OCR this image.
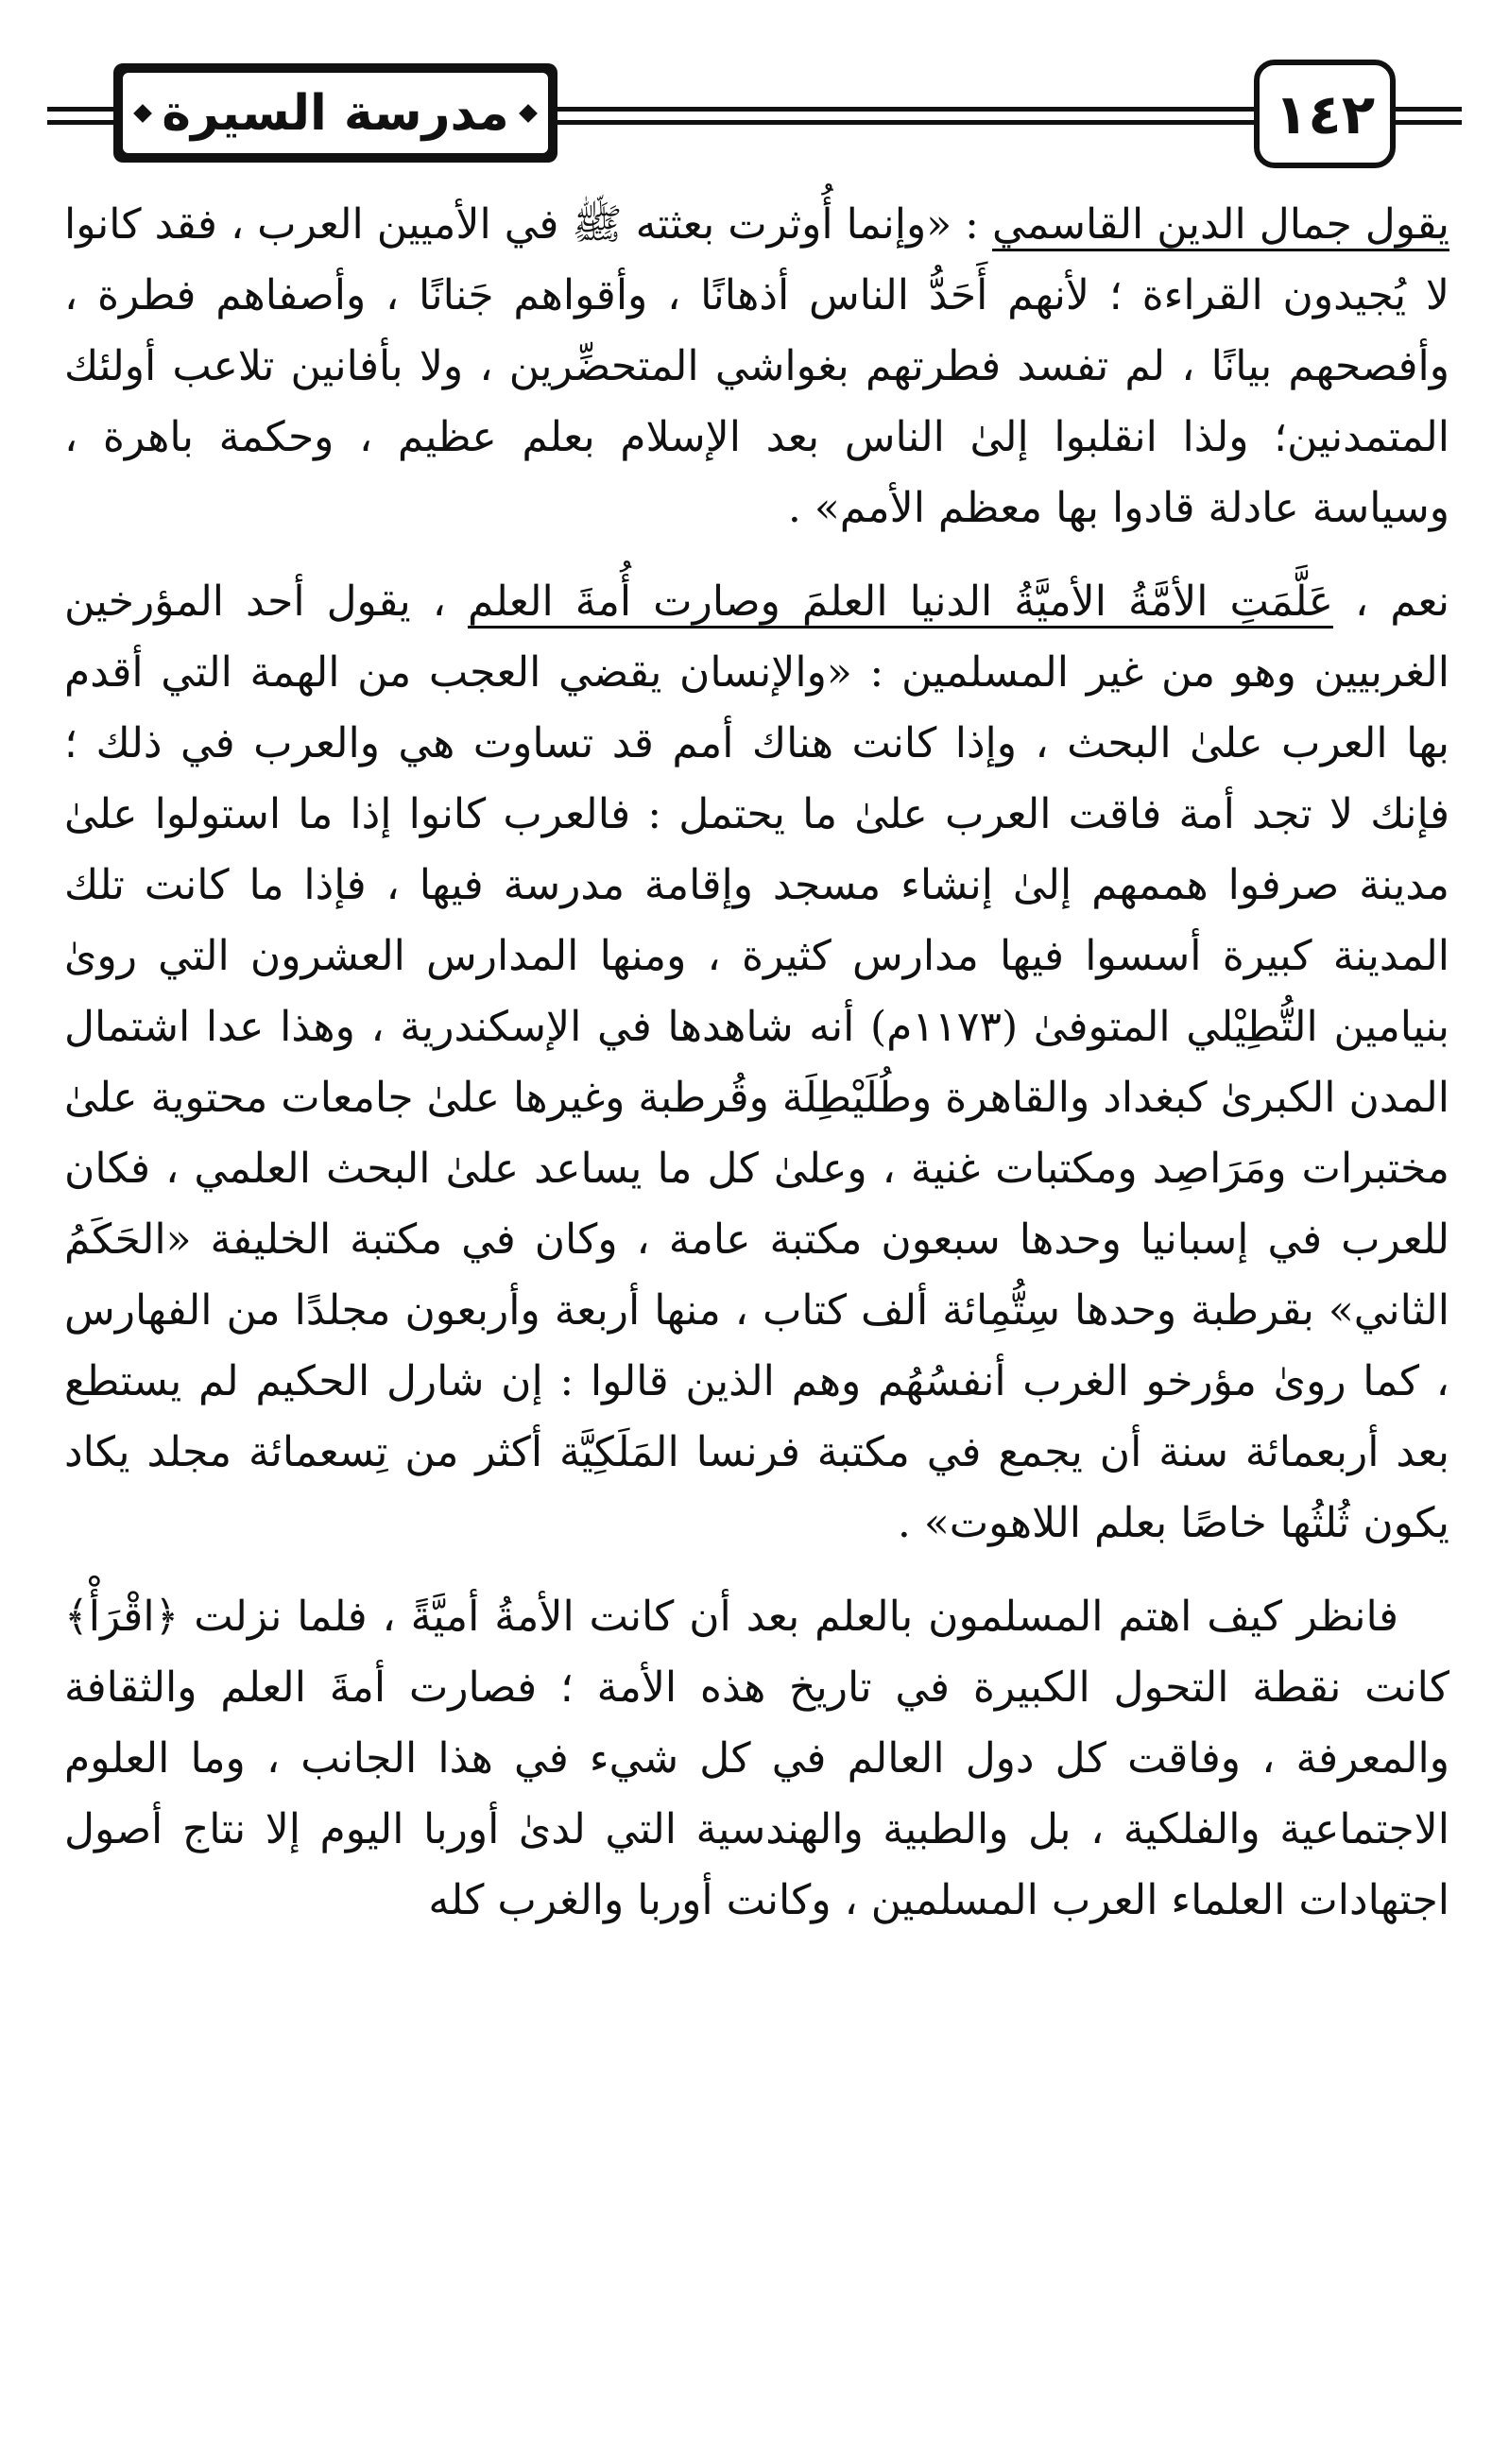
١٤٢
مدرسة السيرة

يقول جمال الدين القاسمي : «وإنما أُوثرت بعثته ﷺ في الأميين العرب ، فقد كانوا لا يُجيدون القراءة ؛ لأنهم أَحَدُّ الناس أذهانًا ، وأقواهم جَنانًا ، وأصفاهم فطرة ، وأفصحهم بيانًا ، لم تفسد فطرتهم بغواشي المتحضِّرين ، ولا بأفانين تلاعب أولئك المتمدنين؛ ولذا انقلبوا إلىٰ الناس بعد الإسلام بعلم عظيم ، وحكمة باهرة ، وسياسة عادلة قادوا بها معظم الأمم» .

نعم ، عَلَّمَتِ الأمَّةُ الأميَّةُ الدنيا العلمَ وصارت أُمةَ العلم ، يقول أحد المؤرخين الغربيين وهو من غير المسلمين : «والإنسان يقضي العجب من الهمة التي أقدم بها العرب علىٰ البحث ، وإذا كانت هناك أمم قد تساوت هي والعرب في ذلك ؛ فإنك لا تجد أمة فاقت العرب علىٰ ما يحتمل : فالعرب كانوا إذا ما استولوا علىٰ مدينة صرفوا هممهم إلىٰ إنشاء مسجد وإقامة مدرسة فيها ، فإذا ما كانت تلك المدينة كبيرة أسسوا فيها مدارس كثيرة ، ومنها المدارس العشرون التي روىٰ بنيامين التُّطِيْلي المتوفىٰ (١١٧٣م) أنه شاهدها في الإسكندرية ، وهذا عدا اشتمال المدن الكبرىٰ كبغداد والقاهرة وطُلَيْطِلَة وقُرطبة وغيرها علىٰ جامعات محتوية علىٰ مختبرات ومَرَاصِد ومكتبات غنية ، وعلىٰ كل ما يساعد علىٰ البحث العلمي ، فكان للعرب في إسبانيا وحدها سبعون مكتبة عامة ، وكان في مكتبة الخليفة «الحَكَمُ الثاني» بقرطبة وحدها سِتُّمِائة ألف كتاب ، منها أربعة وأربعون مجلدًا من الفهارس ، كما روىٰ مؤرخو الغرب أنفسُهُم وهم الذين قالوا : إن شارل الحكيم لم يستطع بعد أربعمائة سنة أن يجمع في مكتبة فرنسا المَلَكِيَّة أكثر من تِسعمائة مجلد يكاد يكون ثُلثُها خاصًا بعلم اللاهوت» .

فانظر كيف اهتم المسلمون بالعلم بعد أن كانت الأمةُ أميَّةً ، فلما نزلت ﴿اقْرَأْ﴾ كانت نقطة التحول الكبيرة في تاريخ هذه الأمة ؛ فصارت أمةَ العلم والثقافة والمعرفة ، وفاقت كل دول العالم في كل شيء في هذا الجانب ، وما العلوم الاجتماعية والفلكية ، بل والطبية والهندسية التي لدىٰ أوربا اليوم إلا نتاج أصول اجتهادات العلماء العرب المسلمين ، وكانت أوربا والغرب كله
